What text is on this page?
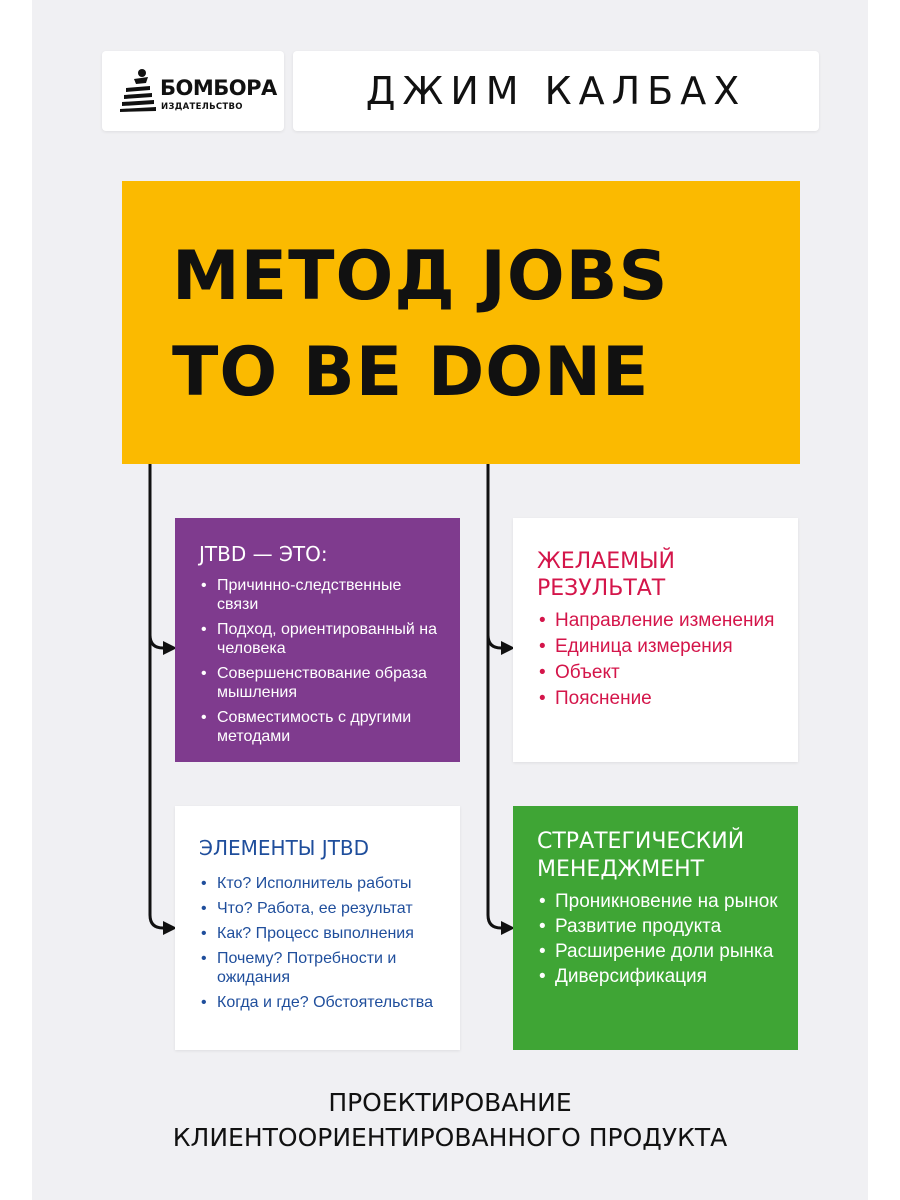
БОМБОРА
ИЗДАТЕЛЬСТВО	ДЖИМ КАЛБАХ
МЕТОД JOBS
TO BE DONE
JTBD — ЭТО:
• Причинно-следственные связи
• Подход, ориентированный на человека
• Совершенствование образа мышления
• Совместимость с другими методами
ЖЕЛАЕМЫЙ РЕЗУЛЬТАТ
• Направление изменения
• Единица измерения
• Объект
• Пояснение
ЭЛЕМЕНТЫ JTBD
• Кто? Исполнитель работы
• Что? Работа, ее результат
• Как? Процесс выполнения
• Почему? Потребности и ожидания
• Когда и где? Обстоятельства
СТРАТЕГИЧЕСКИЙ МЕНЕДЖМЕНТ
• Проникновение на рынок
• Развитие продукта
• Расширение доли рынка
• Диверсификация
ПРОЕКТИРОВАНИЕ
КЛИЕНТООРИЕНТИРОВАННОГО ПРОДУКТА
